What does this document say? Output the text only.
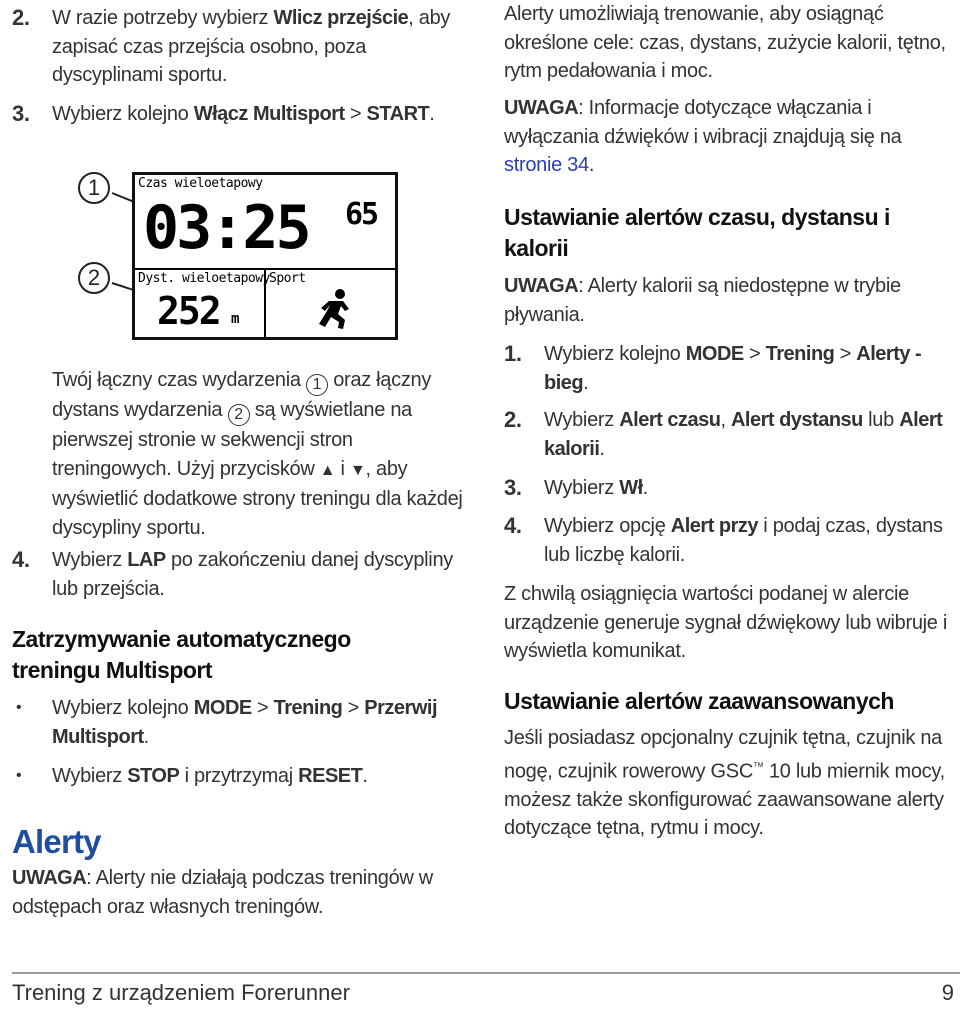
2. W razie potrzeby wybierz Wlicz przejście, aby zapisać czas przejścia osobno, poza dyscyplinami sportu.
3. Wybierz kolejno Włącz Multisport > START.
1
2
Czas wieloetapowy
03:25 65
Dyst. wieloetapowy Sport
252 m
Twój łączny czas wydarzenia 1 oraz łączny dystans wydarzenia 2 są wyświetlane na pierwszej stronie w sekwencji stron treningowych. Użyj przycisków ▲ i ▼, aby wyświetlić dodatkowe strony treningu dla każdej dyscypliny sportu.
4. Wybierz LAP po zakończeniu danej dyscypliny lub przejścia.
Zatrzymywanie automatycznego treningu Multisport
• Wybierz kolejno MODE > Trening > Przerwij Multisport.
• Wybierz STOP i przytrzymaj RESET.
Alerty
UWAGA: Alerty nie działają podczas treningów w odstępach oraz własnych treningów.
Alerty umożliwiają trenowanie, aby osiągnąć określone cele: czas, dystans, zużycie kalorii, tętno, rytm pedałowania i moc.
UWAGA: Informacje dotyczące włączania i wyłączania dźwięków i wibracji znajdują się na stronie 34.
Ustawianie alertów czasu, dystansu i kalorii
UWAGA: Alerty kalorii są niedostępne w trybie pływania.
1. Wybierz kolejno MODE > Trening > Alerty - bieg.
2. Wybierz Alert czasu, Alert dystansu lub Alert kalorii.
3. Wybierz Wł.
4. Wybierz opcję Alert przy i podaj czas, dystans lub liczbę kalorii.
Z chwilą osiągnięcia wartości podanej w alercie urządzenie generuje sygnał dźwiękowy lub wibruje i wyświetla komunikat.
Ustawianie alertów zaawansowanych
Jeśli posiadasz opcjonalny czujnik tętna, czujnik na nogę, czujnik rowerowy GSC™ 10 lub miernik mocy, możesz także skonfigurować zaawansowane alerty dotyczące tętna, rytmu i mocy.
Trening z urządzeniem Forerunner	9
